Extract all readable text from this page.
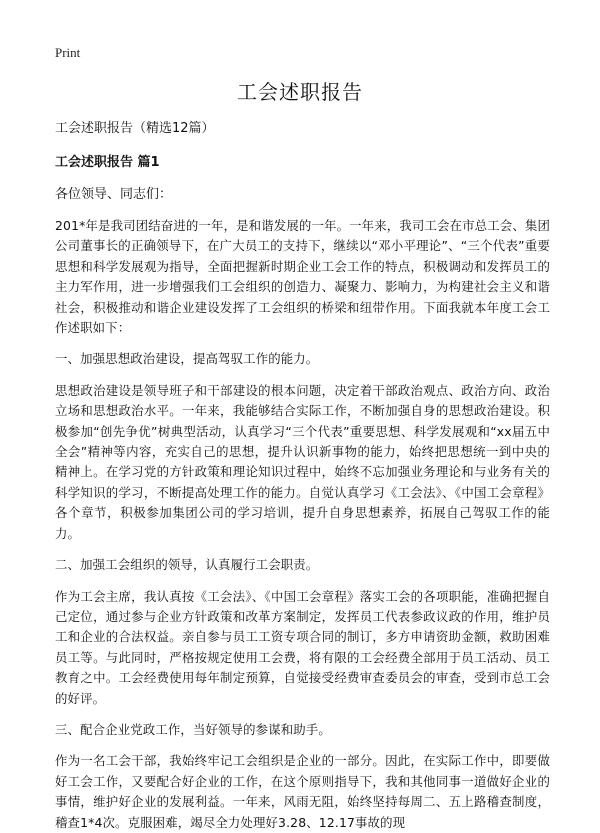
Print
工会述职报告

工会述职报告（精选12篇）

工会述职报告 篇1

各位领导、同志们：

201*年是我司团结奋进的一年，是和谐发展的一年。一年来，我司工会在市总工会、集团公司董事长的正确领导下，在广大员工的支持下，继续以“邓小平理论”、“三个代表”重要思想和科学发展观为指导，全面把握新时期企业工会工作的特点，积极调动和发挥员工的主力军作用，进一步增强我们工会组织的创造力、凝聚力、影响力，为构建社会主义和谐社会，积极推动和谐企业建设发挥了工会组织的桥梁和纽带作用。下面我就本年度工会工作述职如下：

一、加强思想政治建设，提高驾驭工作的能力。

思想政治建设是领导班子和干部建设的根本问题，决定着干部政治观点、政治方向、政治立场和思想政治水平。一年来，我能够结合实际工作，不断加强自身的思想政治建设。积极参加“创先争优”树典型活动，认真学习“三个代表”重要思想、科学发展观和“xx届五中全会”精神等内容，充实自己的思想，提升认识新事物的能力，始终把思想统一到中央的精神上。在学习党的方针政策和理论知识过程中，始终不忘加强业务理论和与业务有关的科学知识的学习，不断提高处理工作的能力。自觉认真学习《工会法》、《中国工会章程》各个章节，积极参加集团公司的学习培训，提升自身思想素养，拓展自己驾驭工作的能力。

二、加强工会组织的领导，认真履行工会职责。

作为工会主席，我认真按《工会法》、《中国工会章程》落实工会的各项职能，准确把握自己定位，通过参与企业方针政策和改革方案制定，发挥员工代表参政议政的作用，维护员工和企业的合法权益。亲自参与员工工资专项合同的制订，多方申请资助金额，救助困难员工等。与此同时，严格按规定使用工会费，将有限的工会经费全部用于员工活动、员工教育之中。工会经费使用每年制定预算，自觉接受经费审查委员会的审查，受到市总工会的好评。

三、配合企业党政工作，当好领导的参谋和助手。

作为一名工会干部，我始终牢记工会组织是企业的一部分。因此，在实际工作中，即要做好工会工作，又要配合好企业的工作，在这个原则指导下，我和其他同事一道做好企业的事情，维护好企业的发展利益。一年来，风雨无阻，始终坚持每周二、五上路稽查制度，稽查1*4次。克服困难，竭尽全力处理好3.28、12.17事故的现
